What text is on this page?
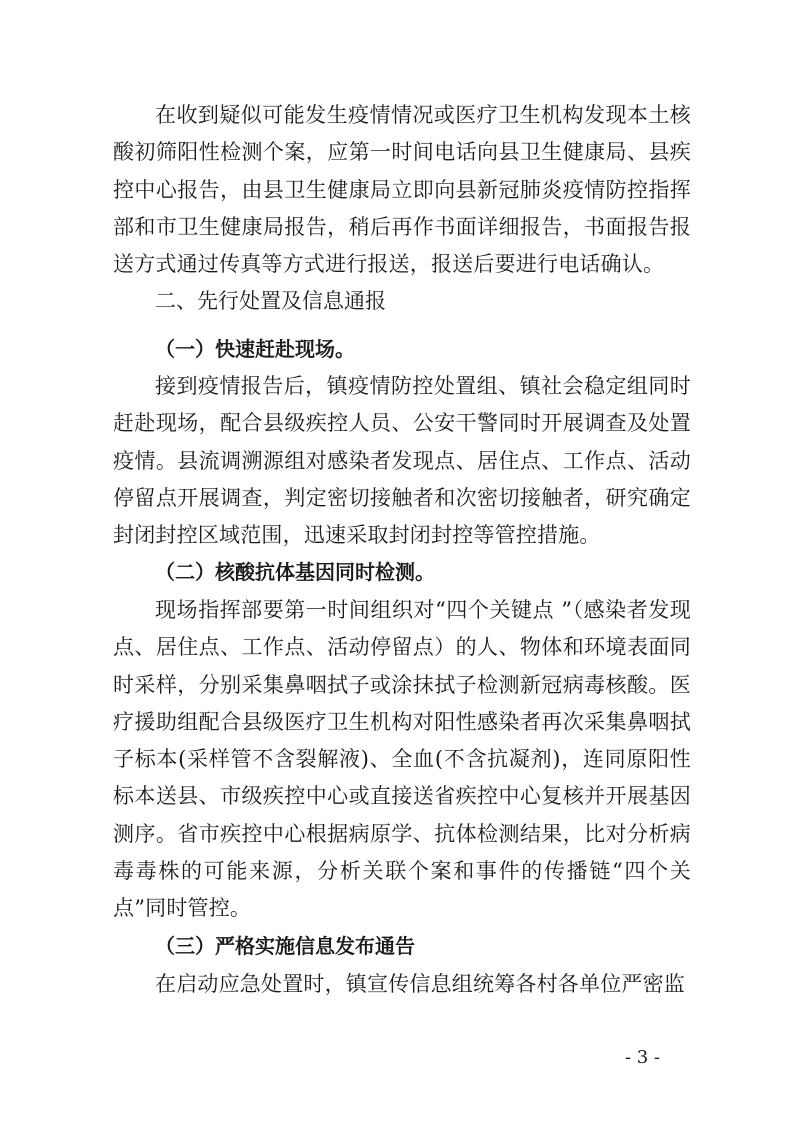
在收到疑似可能发生疫情情况或医疗卫生机构发现本土核酸初筛阳性检测个案，应第一时间电话向县卫生健康局、县疾控中心报告，由县卫生健康局立即向县新冠肺炎疫情防控指挥部和市卫生健康局报告，稍后再作书面详细报告，书面报告报送方式通过传真等方式进行报送，报送后要进行电话确认。

二、先行处置及信息通报

（一）快速赶赴现场。

接到疫情报告后，镇疫情防控处置组、镇社会稳定组同时赶赴现场，配合县级疾控人员、公安干警同时开展调查及处置疫情。县流调溯源组对感染者发现点、居住点、工作点、活动停留点开展调查，判定密切接触者和次密切接触者，研究确定封闭封控区域范围，迅速采取封闭封控等管控措施。

（二）核酸抗体基因同时检测。

现场指挥部要第一时间组织对“四个关键点 ”（感染者发现点、居住点、工作点、活动停留点）的人、物体和环境表面同时采样，分别采集鼻咽拭子或涂抹拭子检测新冠病毒核酸。医疗援助组配合县级医疗卫生机构对阳性感染者再次采集鼻咽拭子标本(采样管不含裂解液)、全血(不含抗凝剂)，连同原阳性标本送县、市级疾控中心或直接送省疾控中心复核并开展基因测序。省市疾控中心根据病原学、抗体检测结果，比对分析病毒毒株的可能来源，分析关联个案和事件的传播链“四个关点”同时管控。

（三）严格实施信息发布通告

在启动应急处置时，镇宣传信息组统筹各村各单位严密监

- 3 -
